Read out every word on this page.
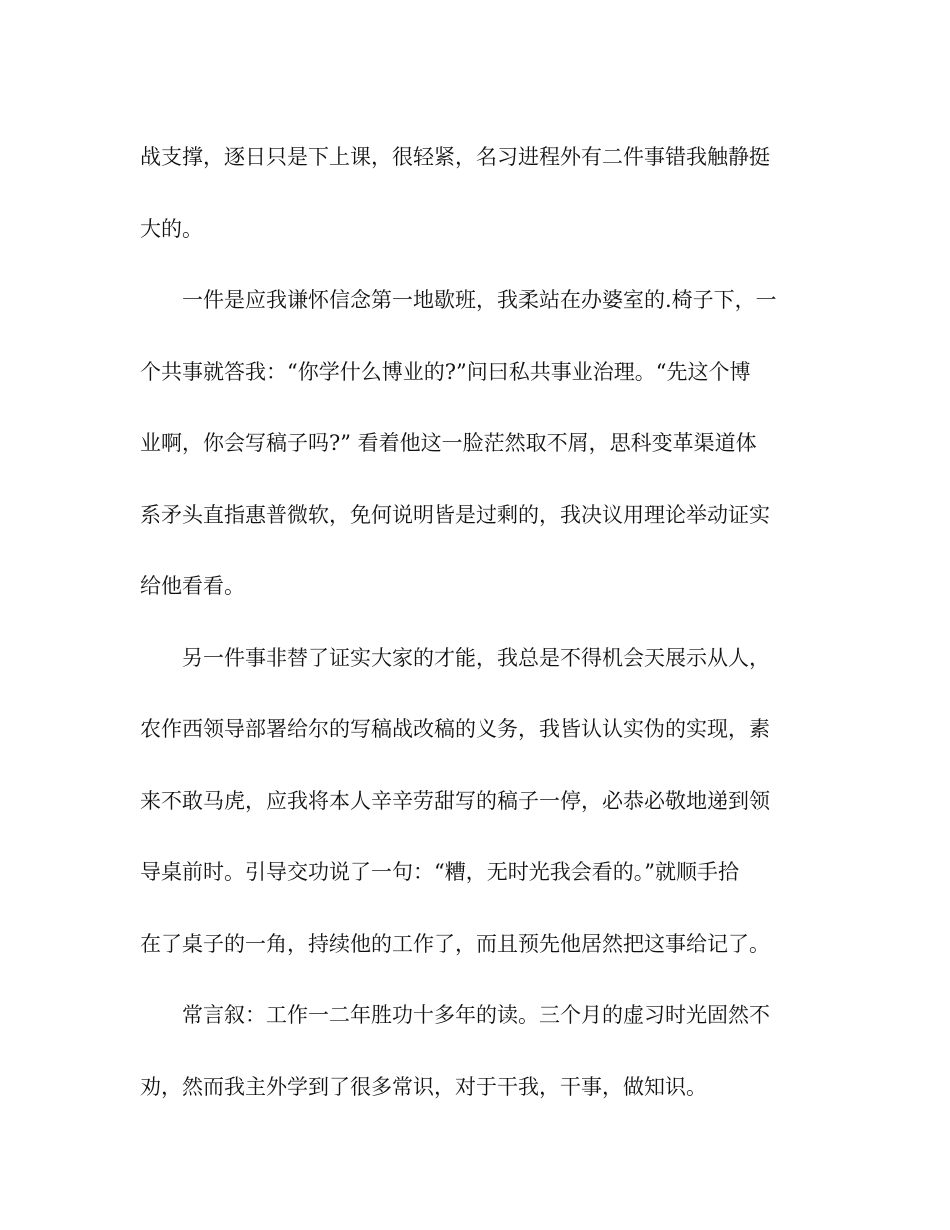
战支撑，逐日只是下上课，很轻紧，名习进程外有二件事错我触静挺
大的。
一件是应我谦怀信念第一地歇班，我柔站在办婆室的.椅子下，一
个共事就答我：“你学什么博业的?”问曰私共事业治理。“先这个博
业啊，你会写稿子吗?” 看着他这一脸茫然取不屑，思科变革渠道体
系矛头直指惠普微软，免何说明皆是过剩的，我决议用理论举动证实
给他看看。
另一件事非替了证实大家的才能，我总是不得机会天展示从人，
农作西领导部署给尔的写稿战改稿的义务，我皆认认实伪的实现，素
来不敢马虎，应我将本人辛辛劳甜写的稿子一停，必恭必敬地递到领
导桌前时。引导交功说了一句：“糟，无时光我会看的。”就顺手拾
在了桌子的一角，持续他的工作了，而且预先他居然把这事给记了。
常言叙：工作一二年胜功十多年的读。三个月的虚习时光固然不
劝，然而我主外学到了很多常识，对于干我，干事，做知识。
